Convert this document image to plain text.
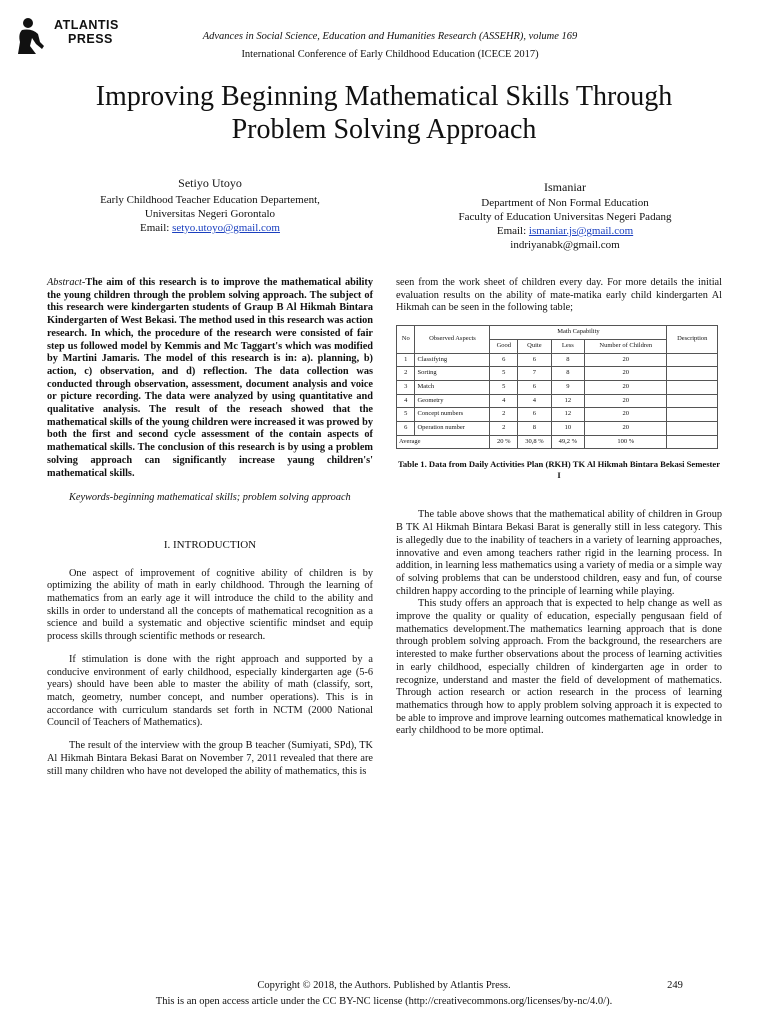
ATLANTIS
PRESS	Advances in Social Science, Education and Humanities Research (ASSEHR), volume 169
International Conference of Early Childhood Education (ICECE 2017)
Improving Beginning Mathematical Skills Through
Problem Solving Approach
Setiyo Utoyo
Early Childhood Teacher Education Departement,
Universitas Negeri Gorontalo
Email: setyo.utoyo@gmail.com
Ismaniar
Department of Non Formal Education
Faculty of Education Universitas Negeri Padang
Email: ismaniar.js@gmail.com
indriyanabk@gmail.com

Abstract-The aim of this research is to improve the mathematical ability the young children through the problem solving approach. The subject of this research were kindergarten students of Graup B Al Hikmah Bintara Kindergarten of West Bekasi. The method used in this research was action research. In which, the procedure of the research were consisted of fair step us followed model by Kemmis and Mc Taggart's which was modified by Martini Jamaris. The model of this research is in: a). planning, b) action, c) observation, and d) reflection. The data collection was conducted through observation, assessment, document analysis and voice or picture recording. The data were analyzed by using quantitative and qualitative analysis. The result of the reseach showed that the mathematical skills of the young children were increased it was prowed by both the first and second cycle assessment of the contain aspects of mathematical skills. The conclusion of this research is by using a problem solving approach can significantly increase yaung children's' mathematical skills.

Keywords-beginning mathematical skills; problem solving approach

I. INTRODUCTION

One aspect of improvement of cognitive ability of children is by optimizing the ability of math in early childhood. Through the learning of mathematics from an early age it will introduce the child to the ability and skills in order to understand all the concepts of mathematical recognition as a science and build a systematic and objective scientific mindset and equip process skills through scientific methods or research.

If stimulation is done with the right approach and supported by a conducive environment of early childhood, especially kindergarten age (5-6 years) should have been able to master the ability of math (classify, sort, match, geometry, number concept, and number operations). This is in accordance with curriculum standards set forth in NCTM (2000 National Council of Teachers of Mathematics).

The result of the interview with the group B teacher (Sumiyati, SPd), TK Al Hikmah Bintara Bekasi Barat on November 7, 2011 revealed that there are still many children who have not developed the ability of mathematics, this is

seen from the work sheet of children every day. For more details the initial evaluation results on the ability of mate-matika early child kindergarten Al Hikmah can be seen in the following table;

No	Observed Aspects	Math Capability				Description
		Good	Quite	Less	Number of Children	
1	Classifying	6	6	8	20	
2	Sorting	5	7	8	20	
3	Match	5	6	9	20	
4	Geometry	4	4	12	20	
5	Concept numbers	2	6	12	20	
6	Operation number	2	8	10	20	
Average		20 %	30,8 %	49,2 %	100 %	

Table 1. Data from Daily Activities Plan (RKH) TK Al Hikmah Bintara Bekasi Semester I

The table above shows that the mathematical ability of children in Group B TK Al Hikmah Bintara Bekasi Barat is generally still in less category. This is allegedly due to the inability of teachers in a variety of learning approaches, innovative and even among teachers rather rigid in the learning process. In addition, in learning less mathematics using a variety of media or a simple way of solving problems that can be understood children, easy and fun, of course children happy according to the principle of learning while playing.

This study offers an approach that is expected to help change as well as improve the quality or quality of education, especially pengusaan field of mathematics development.The mathematics learning approach that is done through problem solving approach. From the background, the researchers are interested to make further observations about the process of learning activities in early childhood, especially children of kindergarten age in order to recognize, understand and master the field of development of mathematics. Through action research or action research in the process of learning mathematics through how to apply problem solving approach it is expected to be able to improve and improve learning outcomes mathematical knowledge in early childhood to be more optimal.

Copyright © 2018, the Authors. Published by Atlantis Press.	249
This is an open access article under the CC BY-NC license (http://creativecommons.org/licenses/by-nc/4.0/).
